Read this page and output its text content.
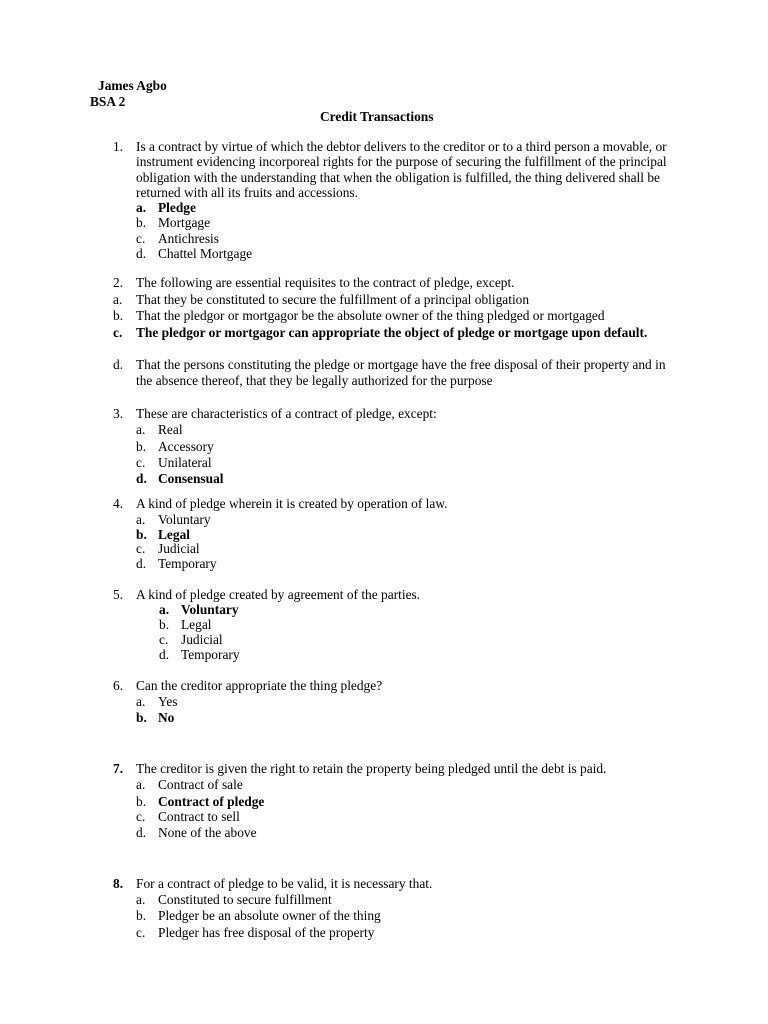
James Agbo
BSA 2
Credit Transactions
1. Is a contract by virtue of which the debtor delivers to the creditor or to a third person a movable, or instrument evidencing incorporeal rights for the purpose of securing the fulfillment of the principal obligation with the understanding that when the obligation is fulfilled, the thing delivered shall be returned with all its fruits and accessions.
a. Pledge
b. Mortgage
c. Antichresis
d. Chattel Mortgage
2. The following are essential requisites to the contract of pledge, except.
a. That they be constituted to secure the fulfillment of a principal obligation
b. That the pledgor or mortgagor be the absolute owner of the thing pledged or mortgaged
c. The pledgor or mortgagor can appropriate the object of pledge or mortgage upon default.
d. That the persons constituting the pledge or mortgage have the free disposal of their property and in the absence thereof, that they be legally authorized for the purpose
3. These are characteristics of a contract of pledge, except:
a. Real
b. Accessory
c. Unilateral
d. Consensual
4. A kind of pledge wherein it is created by operation of law.
a. Voluntary
b. Legal
c. Judicial
d. Temporary
5. A kind of pledge created by agreement of the parties.
a. Voluntary
b. Legal
c. Judicial
d. Temporary
6. Can the creditor appropriate the thing pledge?
a. Yes
b. No
7. The creditor is given the right to retain the property being pledged until the debt is paid.
a. Contract of sale
b. Contract of pledge
c. Contract to sell
d. None of the above
8. For a contract of pledge to be valid, it is necessary that.
a. Constituted to secure fulfillment
b. Pledger be an absolute owner of the thing
c. Pledger has free disposal of the property
